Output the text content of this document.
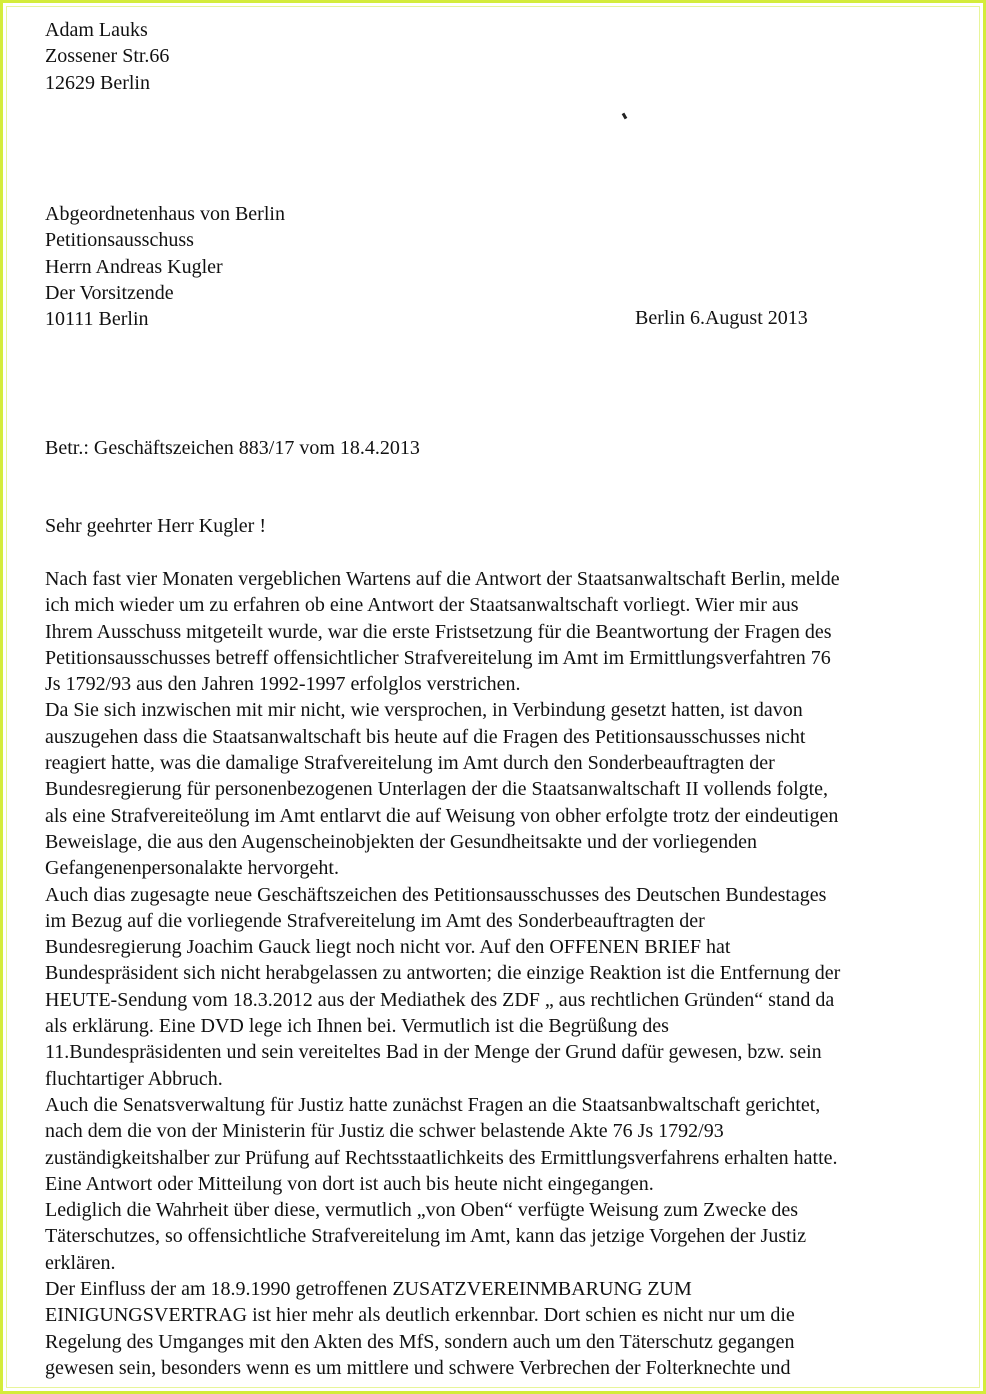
Adam Lauks
Zossener Str.66
12629 Berlin
Abgeordnetenhaus von Berlin
Petitionsausschuss
Herrn Andreas Kugler
Der Vorsitzende
10111 Berlin	Berlin 6.August 2013
Betr.: Geschäftszeichen 883/17 vom 18.4.2013
Sehr geehrter Herr Kugler !
Nach fast vier Monaten vergeblichen Wartens auf die Antwort der Staatsanwaltschaft Berlin, melde
ich mich wieder um zu erfahren ob eine Antwort der Staatsanwaltschaft vorliegt. Wier mir aus
Ihrem Ausschuss mitgeteilt wurde, war die erste Fristsetzung für die Beantwortung der Fragen des
Petitionsausschusses betreff offensichtlicher Strafvereitelung im Amt im Ermittlungsverfahtren 76
Js 1792/93 aus den Jahren 1992-1997 erfolglos verstrichen.
Da Sie sich inzwischen mit mir nicht, wie versprochen, in Verbindung gesetzt hatten, ist davon
auszugehen dass die Staatsanwaltschaft bis heute auf die Fragen des Petitionsausschusses nicht
reagiert hatte, was die damalige Strafvereitelung im Amt durch den Sonderbeauftragten der
Bundesregierung für personenbezogenen Unterlagen der die Staatsanwaltschaft II vollends folgte,
als eine Strafvereiteölung im Amt entlarvt die auf Weisung von obher erfolgte trotz der eindeutigen
Beweislage, die aus den Augenscheinobjekten der Gesundheitsakte und der vorliegenden
Gefangenenpersonalakte hervorgeht.
Auch dias zugesagte neue Geschäftszeichen des Petitionsausschusses des Deutschen Bundestages
im Bezug auf die vorliegende Strafvereitelung im Amt des Sonderbeauftragten der
Bundesregierung Joachim Gauck liegt noch nicht vor. Auf den OFFENEN BRIEF hat
Bundespräsident sich nicht herabgelassen zu antworten; die einzige Reaktion ist die Entfernung der
HEUTE-Sendung vom 18.3.2012 aus der Mediathek des ZDF „ aus rechtlichen Gründen“ stand da
als erklärung. Eine DVD lege ich Ihnen bei. Vermutlich ist die Begrüßung des
11.Bundespräsidenten und sein vereiteltes Bad in der Menge der Grund dafür gewesen, bzw. sein
fluchtartiger Abbruch.
Auch die Senatsverwaltung für Justiz hatte zunächst Fragen an die Staatsanbwaltschaft gerichtet,
nach dem die von der Ministerin für Justiz die schwer belastende Akte 76 Js 1792/93
zuständigkeitshalber zur Prüfung auf Rechtsstaatlichkeits des Ermittlungsverfahrens erhalten hatte.
Eine Antwort oder Mitteilung von dort ist auch bis heute nicht eingegangen.
Lediglich die Wahrheit über diese, vermutlich „von Oben“ verfügte Weisung zum Zwecke des
Täterschutzes, so offensichtliche Strafvereitelung im Amt, kann das jetzige Vorgehen der Justiz
erklären.
Der Einfluss der am 18.9.1990 getroffenen ZUSATZVEREINMBARUNG ZUM
EINIGUNGSVERTRAG ist hier mehr als deutlich erkennbar. Dort schien es nicht nur um die
Regelung des Umganges mit den Akten des MfS, sondern auch um den Täterschutz gegangen
gewesen sein, besonders wenn es um mittlere und schwere Verbrechen der Folterknechte und
